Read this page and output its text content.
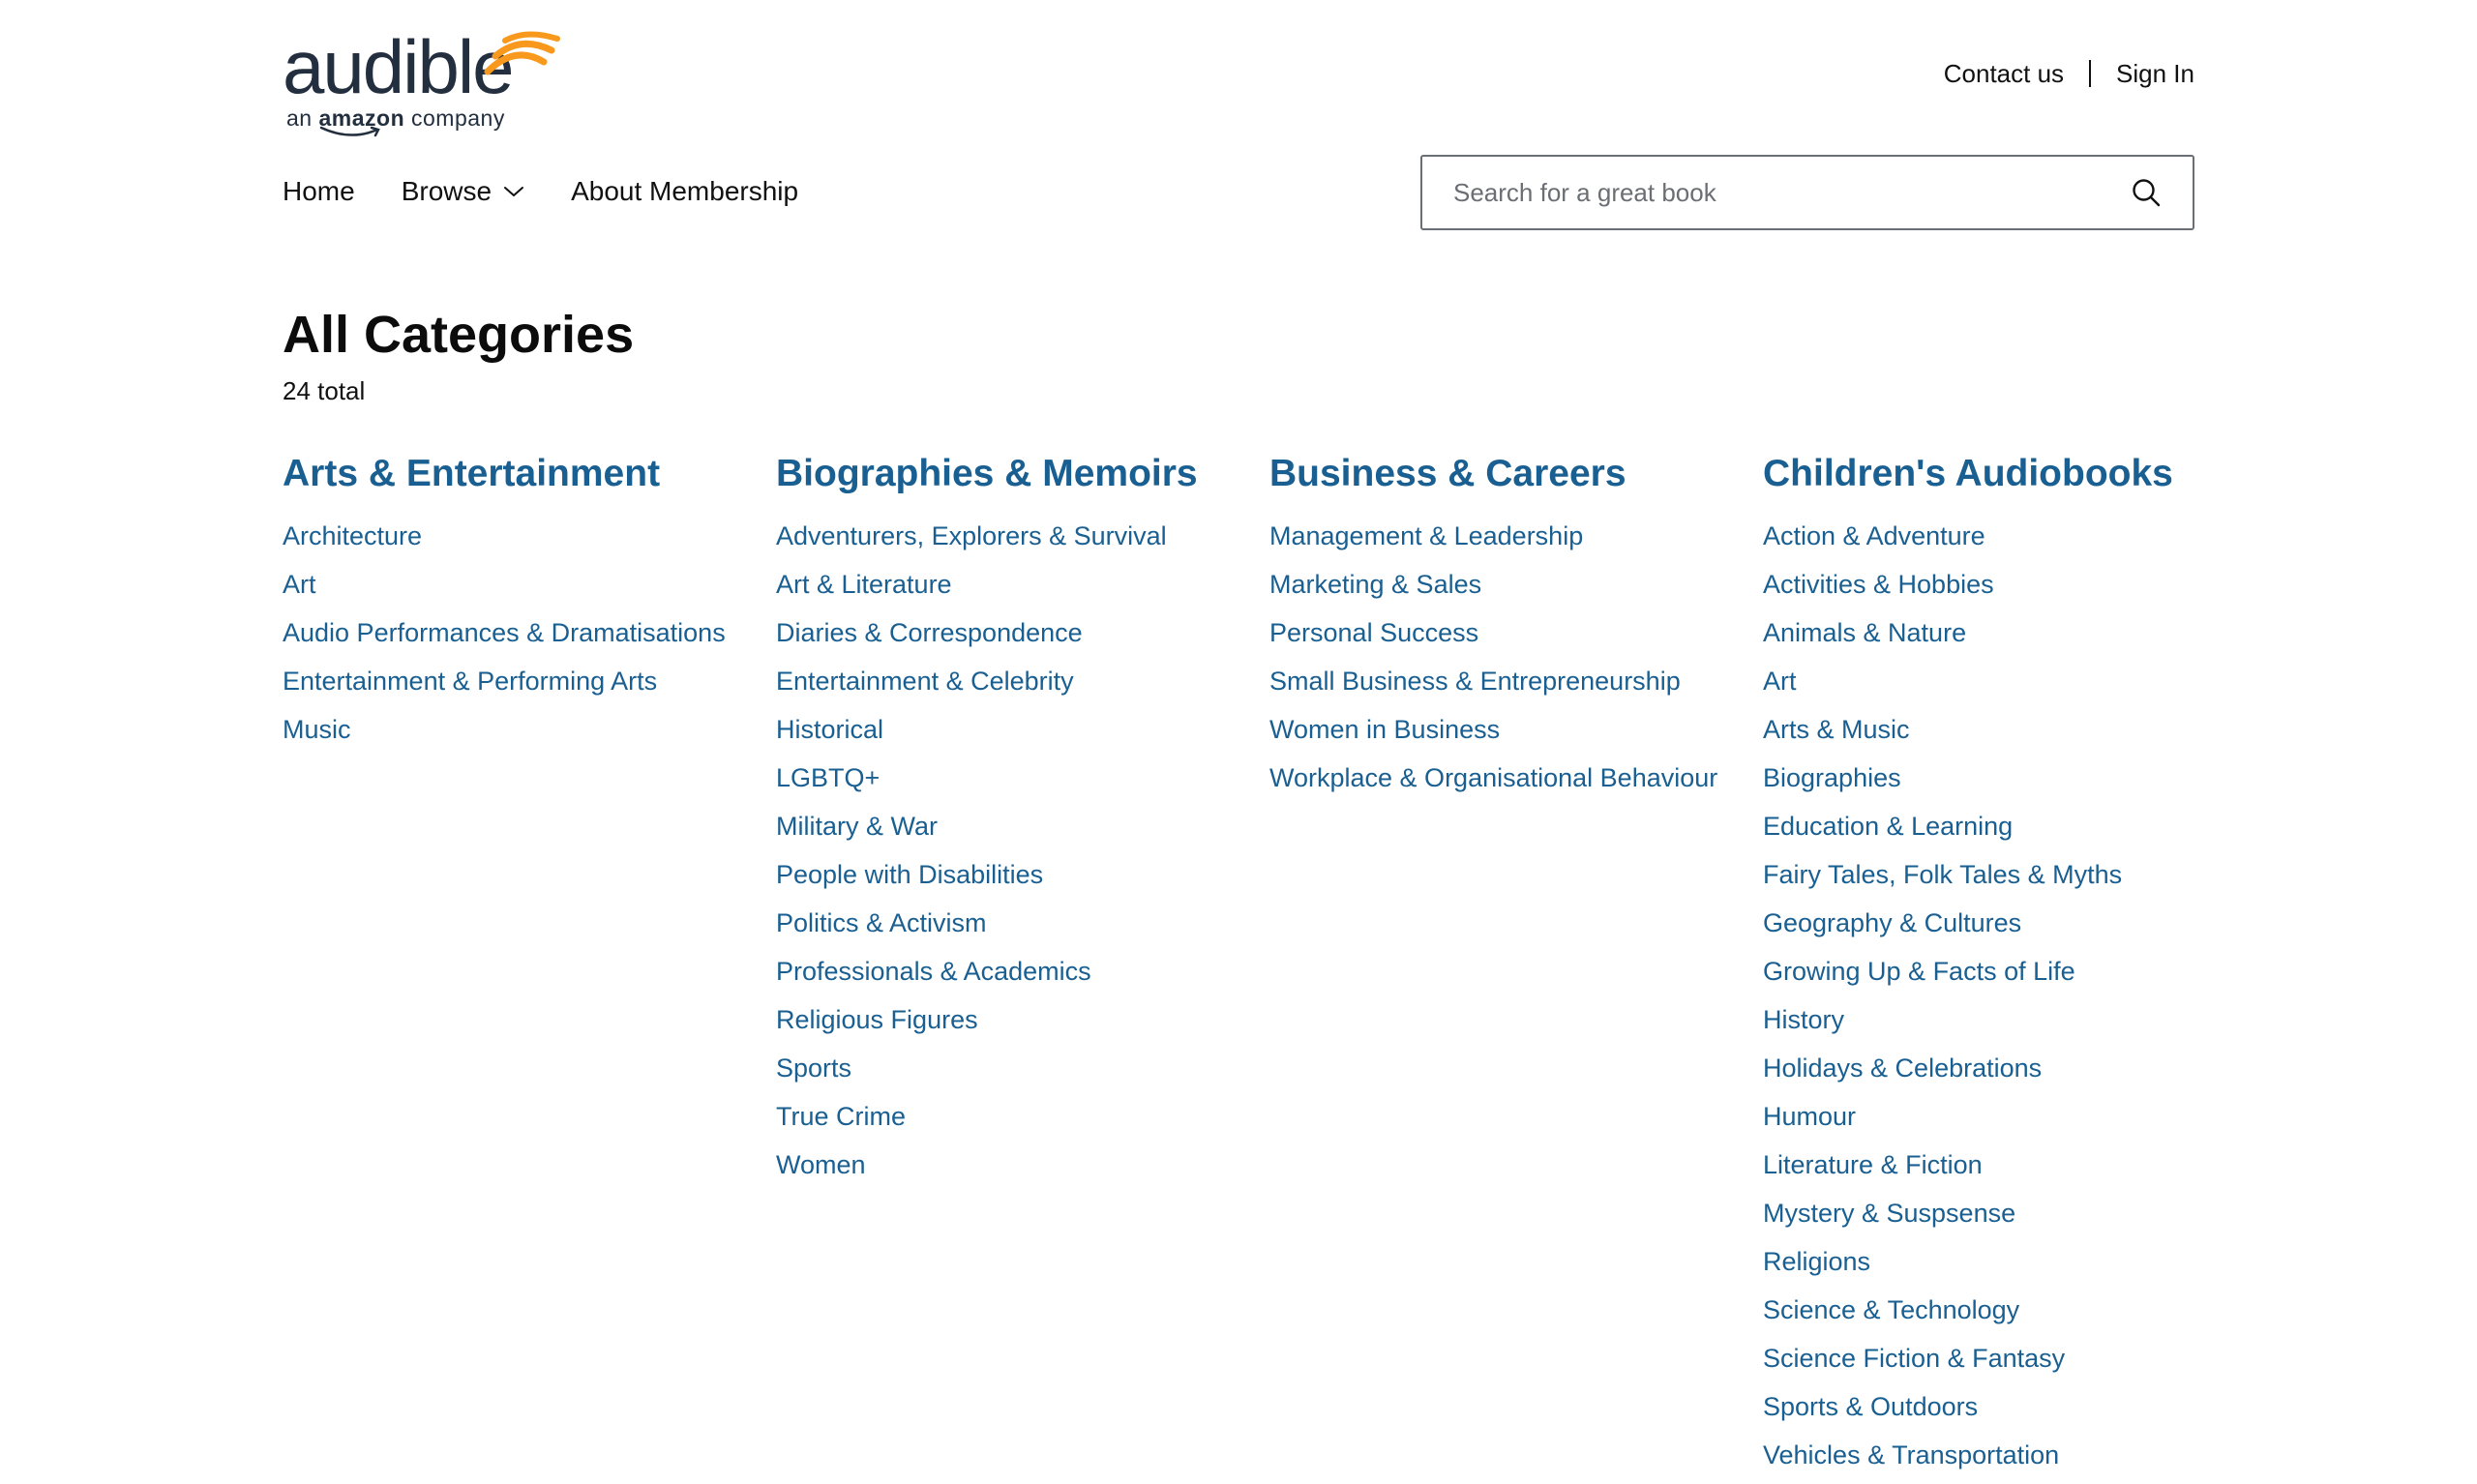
audible
an amazon company
Contact us Sign In
Home Browse	About Membership
Search for a great book
All Categories
24 total
Arts & Entertainment
Architecture
Art
Audio Performances & Dramatisations
Entertainment & Performing Arts
Music
Biographies & Memoirs
Adventurers, Explorers & Survival
Art & Literature
Diaries & Correspondence
Entertainment & Celebrity
Historical
LGBTQ+
Military & War
People with Disabilities
Politics & Activism
Professionals & Academics
Religious Figures
Sports
True Crime
Women
Business & Careers
Management & Leadership
Marketing & Sales
Personal Success
Small Business & Entrepreneurship
Women in Business
Workplace & Organisational Behaviour
Children's Audiobooks
Action & Adventure
Activities & Hobbies
Animals & Nature
Art
Arts & Music
Biographies
Education & Learning
Fairy Tales, Folk Tales & Myths
Geography & Cultures
Growing Up & Facts of Life
History
Holidays & Celebrations
Humour
Literature & Fiction
Mystery & Suspsense
Religions
Science & Technology
Science Fiction & Fantasy
Sports & Outdoors
Vehicles & Transportation
